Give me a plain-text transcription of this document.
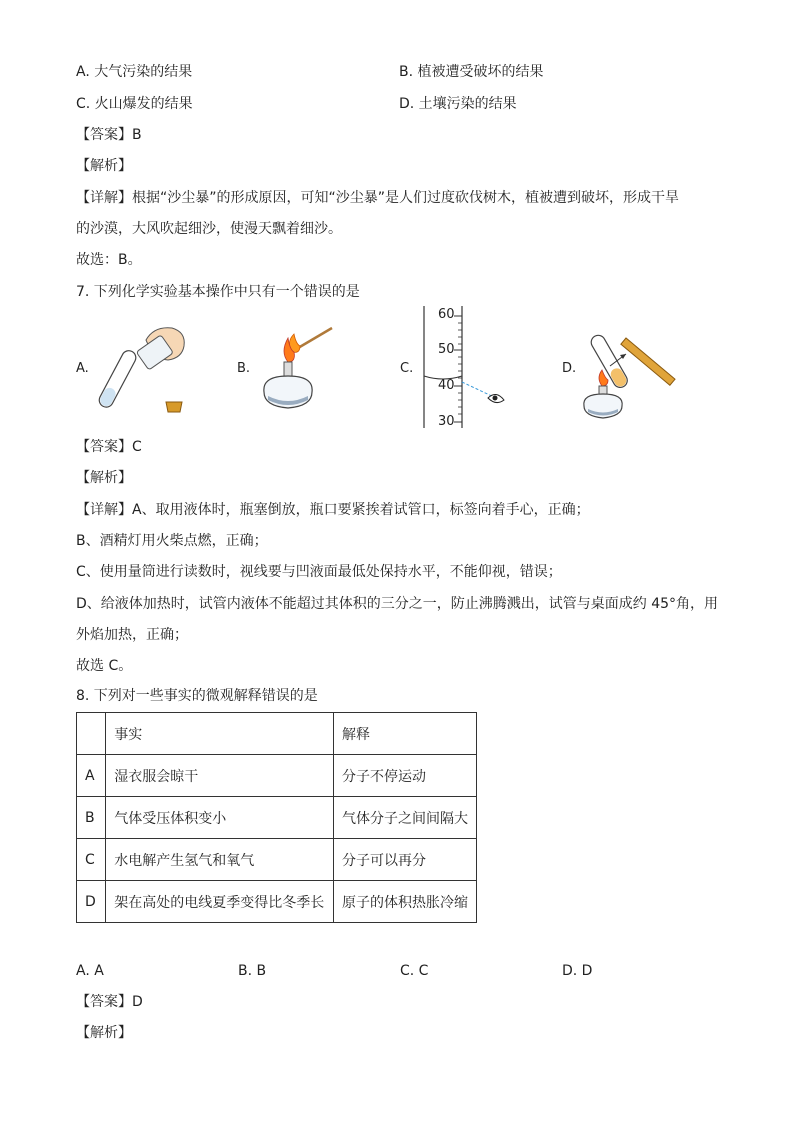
A. 大气污染的结果	B. 植被遭受破坏的结果
C. 火山爆发的结果	D. 土壤污染的结果
【答案】B
【解析】
【详解】根据“沙尘暴”的形成原因，可知“沙尘暴”是人们过度砍伐树木，植被遭到破坏，形成干旱
的沙漠，大风吹起细沙，使漫天飘着细沙。
故选：B。
7. 下列化学实验基本操作中只有一个错误的是
A.	B.	C.
60
50
40
30
D.
【答案】C
【解析】
【详解】A、取用液体时，瓶塞倒放，瓶口要紧挨着试管口，标签向着手心，正确；
B、酒精灯用火柴点燃，正确；
C、使用量筒进行读数时，视线要与凹液面最低处保持水平，不能仰视，错误；
D、给液体加热时，试管内液体不能超过其体积的三分之一，防止沸腾溅出，试管与桌面成约 45°角，用
外焰加热，正确；
故选 C。
8. 下列对一些事实的微观解释错误的是
	事实	解释
A	湿衣服会晾干	分子不停运动
B	气体受压体积变小	气体分子之间间隔大
C	水电解产生氢气和氧气	分子可以再分
D	架在高处的电线夏季变得比冬季长	原子的体积热胀冷缩
A. A	B. B	C. C	D. D
【答案】D
【解析】
